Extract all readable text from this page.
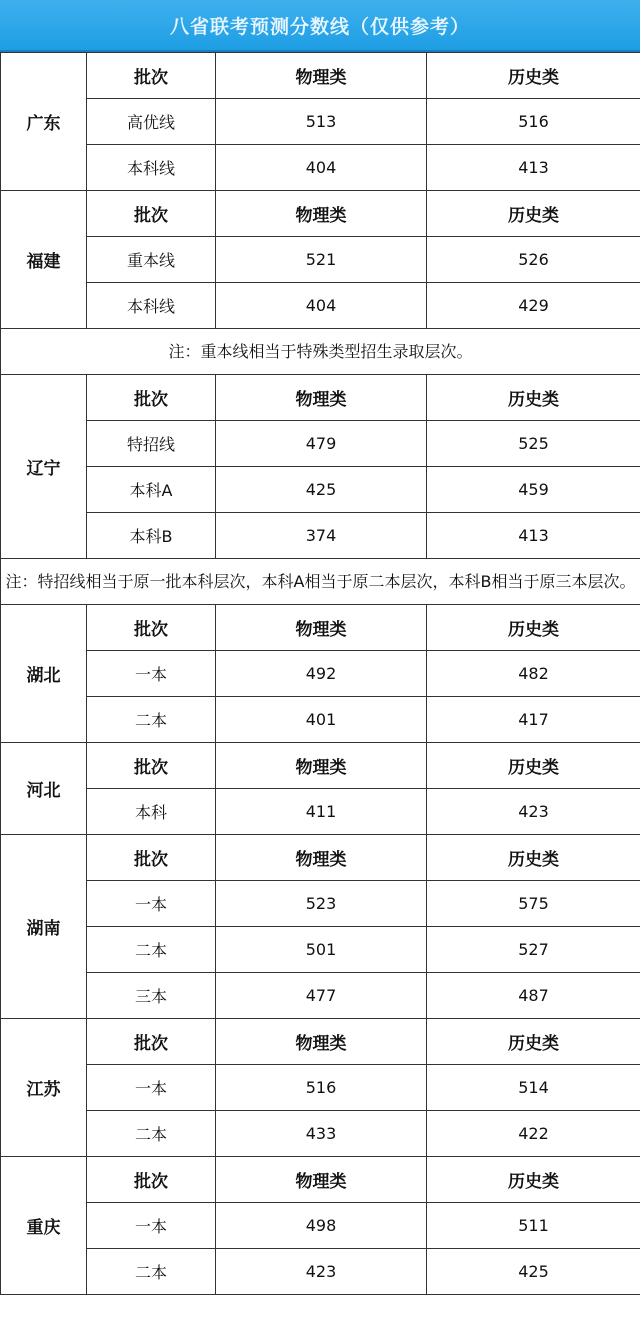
八省联考预测分数线（仅供参考）
广东	批次	物理类	历史类
	高优线	513	516
	本科线	404	413
福建	批次	物理类	历史类
	重本线	521	526
	本科线	404	429
注：重本线相当于特殊类型招生录取层次。			
辽宁	批次	物理类	历史类
	特招线	479	525
	本科A	425	459
	本科B	374	413
注：特招线相当于原一批本科层次，本科A相当于原二本层次，本科B相当于原三本层次。			
湖北	批次	物理类	历史类
	一本	492	482
	二本	401	417
河北	批次	物理类	历史类
	本科	411	423
湖南	批次	物理类	历史类
	一本	523	575
	二本	501	527
	三本	477	487
江苏	批次	物理类	历史类
	一本	516	514
	二本	433	422
重庆	批次	物理类	历史类
	一本	498	511
	二本	423	425
